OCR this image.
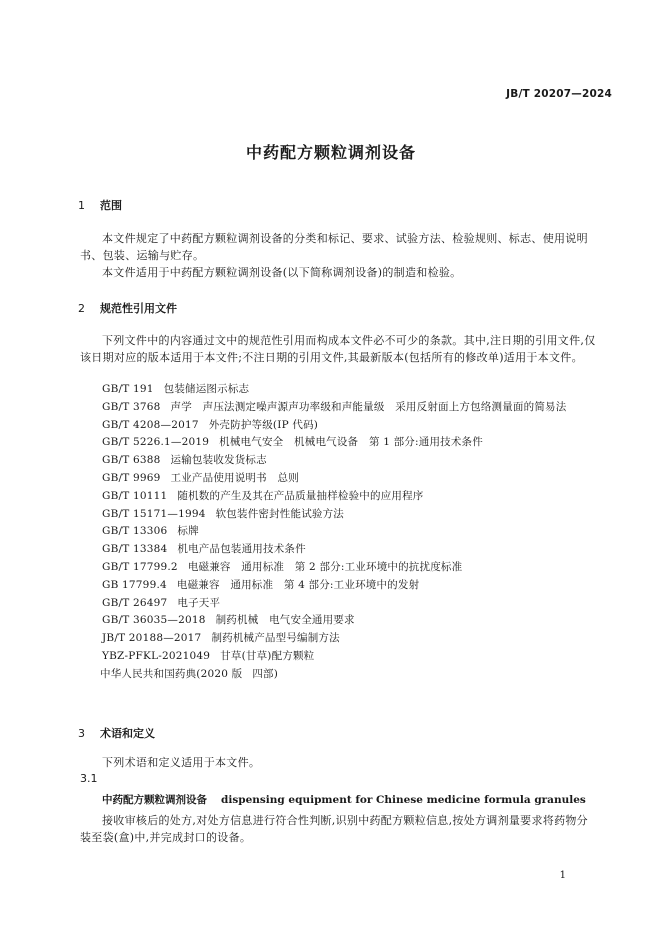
JB/T 20207—2024
中药配方颗粒调剂设备
1 范围
本文件规定了中药配方颗粒调剂设备的分类和标记、要求、试验方法、检验规则、标志、使用说明书、包装、运输与贮存。
本文件适用于中药配方颗粒调剂设备(以下简称调剂设备)的制造和检验。
2 规范性引用文件
下列文件中的内容通过文中的规范性引用而构成本文件必不可少的条款。其中,注日期的引用文件,仅该日期对应的版本适用于本文件;不注日期的引用文件,其最新版本(包括所有的修改单)适用于本文件。
GB/T 191 包装储运图示标志
GB/T 3768 声学　声压法测定噪声源声功率级和声能量级　采用反射面上方包络测量面的简易法
GB/T 4208—2017 外壳防护等级(IP 代码)
GB/T 5226.1—2019 机械电气安全　机械电气设备　第 1 部分:通用技术条件
GB/T 6388 运输包装收发货标志
GB/T 9969 工业产品使用说明书　总则
GB/T 10111 随机数的产生及其在产品质量抽样检验中的应用程序
GB/T 15171—1994 软包装件密封性能试验方法
GB/T 13306 标牌
GB/T 13384 机电产品包装通用技术条件
GB/T 17799.2 电磁兼容　通用标准　第 2 部分:工业环境中的抗扰度标准
GB 17799.4 电磁兼容　通用标准　第 4 部分:工业环境中的发射
GB/T 26497 电子天平
GB/T 36035—2018 制药机械　电气安全通用要求
JB/T 20188—2017 制药机械产品型号编制方法
YBZ-PFKL-2021049 甘草(甘草)配方颗粒
中华人民共和国药典(2020 版 四部)
3 术语和定义
下列术语和定义适用于本文件。
3.1
中药配方颗粒调剂设备 dispensing equipment for Chinese medicine formula granules
接收审核后的处方,对处方信息进行符合性判断,识别中药配方颗粒信息,按处方调剂量要求将药物分装至袋(盒)中,并完成封口的设备。
1
